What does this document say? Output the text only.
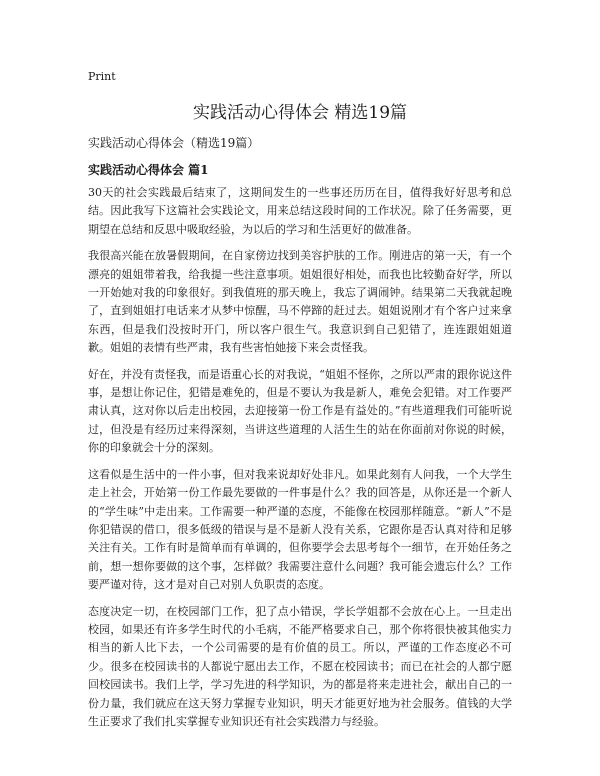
Print
实践活动心得体会 精选19篇
实践活动心得体会（精选19篇）
实践活动心得体会 篇1

30天的社会实践最后结束了，这期间发生的一些事还历历在目，值得我好好思考和总结。因此我写下这篇社会实践论文，用来总结这段时间的工作状况。除了任务需要，更期望在总结和反思中吸取经验，为以后的学习和生活更好的做准备。

我很高兴能在放暑假期间，在自家傍边找到美容护肤的工作。刚进店的第一天，有一个漂亮的姐姐带着我，给我提一些注意事项。姐姐很好相处，而我也比较勤奋好学，所以一开始她对我的印象很好。到我值班的那天晚上，我忘了调闹钟。结果第二天我就起晚了，直到姐姐打电话来才从梦中惊醒，马不停蹄的赶过去。姐姐说刚才有个客户过来拿东西，但是我们没按时开门，所以客户很生气。我意识到自己犯错了，连连跟姐姐道歉。姐姐的表情有些严肃，我有些害怕她接下来会责怪我。

好在，并没有责怪我，而是语重心长的对我说，“姐姐不怪你，之所以严肃的跟你说这件事，是想让你记住，犯错是难免的，但是不要认为我是新人，难免会犯错。对工作要严肃认真，这对你以后走出校园，去迎接第一份工作是有益处的。”有些道理我们可能听说过，但没是有经历过来得深刻，当讲这些道理的人活生生的站在你面前对你说的时候，你的印象就会十分的深刻。

这看似是生活中的一件小事，但对我来说却好处非凡。如果此刻有人问我，一个大学生走上社会，开始第一份工作最先要做的一件事是什么？我的回答是，从你还是一个新人的“学生味”中走出来。工作需要一种严谨的态度，不能像在校园那样随意。“新人”不是你犯错误的借口，很多低级的错误与是不是新人没有关系，它跟你是否认真对待和足够关注有关。工作有时是简单而有单调的，但你要学会去思考每个一细节，在开始任务之前，想一想你要做的这个事，怎样做？我需要注意什么问题？我可能会遗忘什么？工作要严谨对待，这才是对自己对别人负职责的态度。

态度决定一切，在校园部门工作，犯了点小错误，学长学姐都不会放在心上。一旦走出校园，如果还有许多学生时代的小毛病，不能严格要求自己，那个你将很快被其他实力相当的新人比下去，一个公司需要的是有价值的员工。所以，严谨的工作态度必不可少。很多在校园读书的人都说宁愿出去工作，不愿在校园读书；而已在社会的人都宁愿回校园读书。我们上学，学习先进的科学知识，为的都是将来走进社会，献出自己的一份力量，我们就应在这天努力掌握专业知识，明天才能更好地为社会服务。值钱的大学生正要求了我们扎实掌握专业知识还有社会实践潜力与经验。
